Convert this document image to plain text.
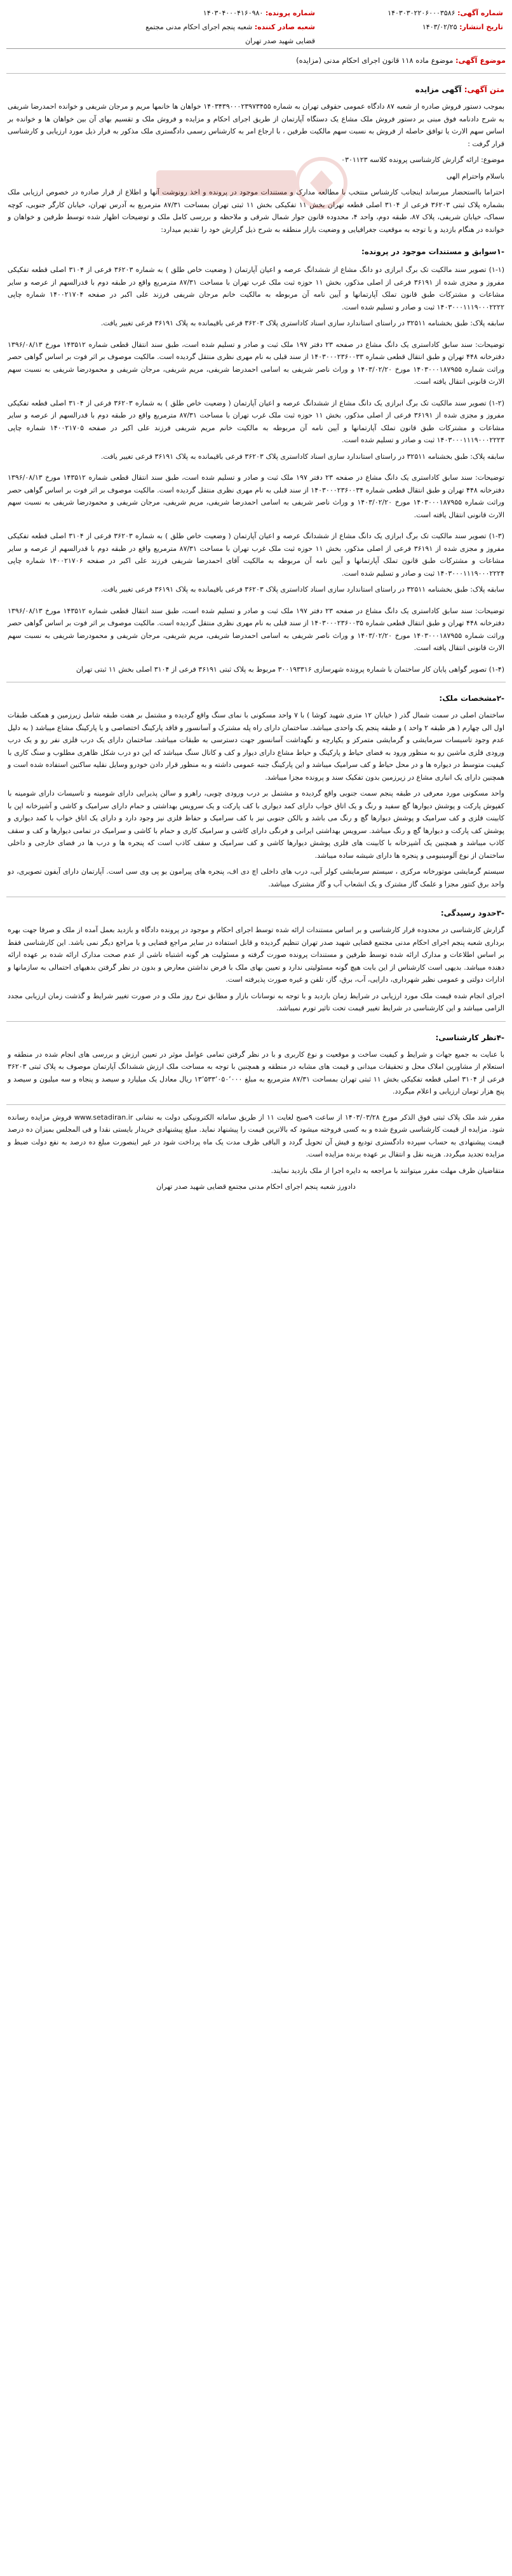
شماره آگهی: ۱۴۰۳۰۳۰۲۲۰۶۰۰۰۳۵۸۶
تاریخ انتشار: ۱۴۰۳/۰۲/۲۵
شماره پرونده: ۱۴۰۳۰۴۰۰۰۴۱۶۰۹۸۰
شعبه صادر کننده: شعبه پنجم اجرای احکام مدنی مجتمع قضایی شهید صدر تهران
موضوع آگهی: موضوع ماده ۱۱۸ قانون اجرای احکام مدنی (مزایده)
متن آگهی: آگهی مزایده
بموجب دستور فروش صادره از شعبه ۸۷ دادگاه عمومی حقوقی تهران به شماره ۱۴۰۳۴۳۹۰۰۰۲۳۹۷۳۴۵۵ خواهان ها خانمها مریم و مرجان شریفی و خوانده احمدرضا شریفی به شرح دادنامه فوق مبنی بر دستور فروش ملک مشاع یک دستگاه آپارتمان از طریق اجرای احکام و مزایده و فروش ملک و تقسیم بهای آن بین خواهان ها و خوانده بر اساس سهم الارث یا توافق حاصله از فروش به نسبت سهم مالکیت طرفین ، با ارجاع امر به کارشناس رسمی دادگستری ملک مذکور به قرار ذیل مورد ارزیابی و کارشناسی قرار گرفت :
موضوع: ارائه گزارش کارشناسی پرونده کلاسه ۰۳۰۱۱۲۳
باسلام واحترام الهی
احتراما بااستحضار میرساند اینجانب کارشناس منتخب با مطالعه مدارک و مستندات موجود در پرونده و اخذ رونوشت آنها و اطلاع از قرار صادره در خصوص ارزیابی ملک بشماره پلاک ثبتی ۳۶۲۰۳ فرعی از ۳۱۰۴ اصلی قطعه تهران بخش ۱۱ تفکیکی بخش ۱۱ ثبتی تهران بمساحت ۸۷/۳۱ مترمربع به آدرس تهران، خیابان کارگر جنوبی، کوچه سماک، خیابان شریفی، پلاک ۸۷، طبقه دوم، واحد ۴، محدوده قانون جوار شمال شرقی و ملاحظه و بررسی کامل ملک و توضیحات اظهار شده توسط طرفین و خواهان و خوانده در هنگام بازدید و با توجه به موقعیت جغرافیایی و وضعیت بازار منطقه به شرح ذیل گزارش خود را تقدیم میدارد:
-۱سوابق و مستندات موجود در پرونده:
(۱-۱) تصویر سند مالکیت تک برگ ابرازی دو دانگ مشاع از ششدانگ عرصه و اعیان آپارتمان ( وضعیت خاص طلق ) به شماره ۳۶۲۰۳ فرعی از ۳۱۰۴ اصلی قطعه تفکیکی مفروز و مجزی شده از ۳۶۱۹۱ فرعی از اصلی مذکور، بخش ۱۱ حوزه ثبت ملک غرب تهران با مساحت ۸۷/۳۱ مترمربع واقع در طبقه دوم با قدرالسهم از عرصه و سایر مشاعات و مشترکات طبق قانون تملک آپارتمانها و آیین نامه آن مربوطه به مالکیت خانم مرجان شریفی فرزند علی اکبر در صفحه ۱۴۰۰۲۱۷۰۴ شماره چاپی ۱۴۰۳۰۰۰۱۱۱۹۰۰۰۲۲۲۲ ثبت و صادر و تسلیم شده است.
سابقه پلاک: طبق بخشنامه ۳۲۵۱۱ در راستای استاندارد سازی اسناد کاداستری پلاک ۳۶۲۰۳ فرعی باقیمانده به پلاک ۳۶۱۹۱ فرعی تغییر یافت.
توضیحات: سند سابق کاداستری یک دانگ مشاع در صفحه ۲۳ دفتر ۱۹۷ ملک ثبت و صادر و تسلیم شده است، طبق سند انتقال قطعی شماره ۱۴۳۵۱۲ مورخ ۱۳۹۶/۰۸/۱۳ دفترخانه ۴۴۸ تهران و طبق انتقال قطعی شماره ۱۴۰۳۰۰۰۲۳۶۰۰۳۳ از سند قبلی به نام مهری نظری منتقل گردیده است. مالکیت موصوف بر اثر فوت بر اساس گواهی حصر وراثت شماره ۱۴۰۳۰۰۰۱۸۷۹۵۵ مورخ ۱۴۰۳/۰۲/۲۰ و وراث ناصر شریفی به اسامی احمدرضا شریفی، مریم شریفی، مرجان شریفی و محمودرضا شریفی به نسبت سهم الارث قانونی انتقال یافته است.
(۱-۲) تصویر سند مالکیت تک برگ ابرازی یک دانگ مشاع از ششدانگ عرصه و اعیان آپارتمان ( وضعیت خاص طلق ) به شماره ۳۶۲۰۳ فرعی از ۳۱۰۴ اصلی قطعه تفکیکی مفروز و مجزی شده از ۳۶۱۹۱ فرعی از اصلی مذکور، بخش ۱۱ حوزه ثبت ملک غرب تهران با مساحت ۸۷/۳۱ مترمربع واقع در طبقه دوم با قدرالسهم از عرصه و سایر مشاعات و مشترکات طبق قانون تملک آپارتمانها و آیین نامه آن مربوطه به مالکیت خانم مریم شریفی فرزند علی اکبر در صفحه ۱۴۰۰۲۱۷۰۵ شماره چاپی ۱۴۰۳۰۰۰۱۱۱۹۰۰۰۲۲۲۳ ثبت و صادر و تسلیم شده است.
سابقه پلاک: طبق بخشنامه ۳۲۵۱۱ در راستای استاندارد سازی اسناد کاداستری پلاک ۳۶۲۰۳ فرعی باقیمانده به پلاک ۳۶۱۹۱ فرعی تغییر یافت.
توضیحات: سند سابق کاداستری یک دانگ مشاع در صفحه ۲۳ دفتر ۱۹۷ ملک ثبت و صادر و تسلیم شده است، طبق سند انتقال قطعی شماره ۱۴۳۵۱۲ مورخ ۱۳۹۶/۰۸/۱۳ دفترخانه ۴۴۸ تهران و طبق انتقال قطعی شماره ۱۴۰۳۰۰۰۲۳۶۰۰۳۴ از سند قبلی به نام مهری نظری منتقل گردیده است. مالکیت موصوف بر اثر فوت بر اساس گواهی حصر وراثت شماره ۱۴۰۳۰۰۰۱۸۷۹۵۵ مورخ ۱۴۰۳/۰۲/۲۰ و وراث ناصر شریفی به اسامی احمدرضا شریفی، مریم شریفی، مرجان شریفی و محمودرضا شریفی به نسبت سهم الارث قانونی انتقال یافته است.
(۱-۳) تصویر سند مالکیت تک برگ ابرازی یک دانگ مشاع از ششدانگ عرصه و اعیان آپارتمان ( وضعیت خاص طلق ) به شماره ۳۶۲۰۳ فرعی از ۳۱۰۴ اصلی قطعه تفکیکی مفروز و مجزی شده از ۳۶۱۹۱ فرعی از اصلی مذکور، بخش ۱۱ حوزه ثبت ملک غرب تهران با مساحت ۸۷/۳۱ مترمربع واقع در طبقه دوم با قدرالسهم از عرصه و سایر مشاعات و مشترکات طبق قانون تملک آپارتمانها و آیین نامه آن مربوطه به مالکیت آقای احمدرضا شریفی فرزند علی اکبر در صفحه ۱۴۰۰۲۱۷۰۶ شماره چاپی ۱۴۰۳۰۰۰۱۱۱۹۰۰۰۲۲۲۴ ثبت و صادر و تسلیم شده است.
سابقه پلاک: طبق بخشنامه ۳۲۵۱۱ در راستای استاندارد سازی اسناد کاداستری پلاک ۳۶۲۰۳ فرعی باقیمانده به پلاک ۳۶۱۹۱ فرعی تغییر یافت.
توضیحات: سند سابق کاداستری یک دانگ مشاع در صفحه ۲۳ دفتر ۱۹۷ ملک ثبت و صادر و تسلیم شده است، طبق سند انتقال قطعی شماره ۱۴۳۵۱۲ مورخ ۱۳۹۶/۰۸/۱۳ دفترخانه ۴۴۸ تهران و طبق انتقال قطعی شماره ۱۴۰۳۰۰۰۲۳۶۰۰۳۵ از سند قبلی به نام مهری نظری منتقل گردیده است. مالکیت موصوف بر اثر فوت بر اساس گواهی حصر وراثت شماره ۱۴۰۳۰۰۰۱۸۷۹۵۵ مورخ ۱۴۰۳/۰۲/۲۰ و وراث ناصر شریفی به اسامی احمدرضا شریفی، مریم شریفی، مرجان شریفی و محمودرضا شریفی به نسبت سهم الارث قانونی انتقال یافته است.
(۱-۴) تصویر گواهی پایان کار ساختمان با شماره پرونده شهرسازی ۳۰۰۱۹۳۳۱۶ مربوط به پلاک ثبتی ۳۶۱۹۱ فرعی از ۳۱۰۴ اصلی بخش ۱۱ ثبتی تهران
-۲مشخصات ملک:
ساختمان اصلی در سمت شمال گذر ( خیابان ۱۲ متری شهید کوشا ) با ۷ واحد مسکونی با نمای سنگ واقع گردیده و مشتمل بر هفت طبقه شامل زیرزمین و همکف طبقات اول الی چهارم ( هر طبقه ۲ واحد ) و طبقه پنجم یک واحدی میباشد. ساختمان دارای راه پله مشترک و آسانسور و فاقد پارکینگ اختصاصی و یا پارکینگ مشاع میباشد ( به دلیل عدم وجود تاسیسات سرمایشی و گرمایشی متمرکز و یکپارچه و نگهداشت آسانسور جهت دسترسی به طبقات میباشد. ساختمان دارای یک درب فلزی نفر رو و یک درب ورودی فلزی ماشین رو به منظور ورود به فضای حیاط و پارکینگ و حیاط مشاع دارای دیوار و کف و کانال سنگ میباشد که این دو درب شکل ظاهری مطلوب و سنگ کاری با کیفیت متوسط در دیواره ها و در محل حیاط و کف سرامیک میباشد و این پارکینگ جنبه عمومی داشته و به منظور قرار دادن خودرو وسایل نقلیه ساکنین استفاده شده است و همچنین دارای یک انباری مشاع در زیرزمین بدون تفکیک سند و پرونده مجزا میباشد.
واحد مسکونی مورد معرفی در طبقه پنجم سمت جنوبی واقع گردیده و مشتمل بر درب ورودی چوبی، راهرو و سالن پذیرایی دارای شومینه و تاسیسات دارای شومینه با کفپوش پارکت و پوشش دیوارها گچ سفید و رنگ و یک اتاق خواب دارای کمد دیواری با کف پارکت و یک سرویس بهداشتی و حمام دارای سرامیک و کاشی و آشپزخانه اپن با کابینت فلزی و کف سرامیک و پوشش دیوارها گچ و رنگ می باشد و بالکن جنوبی نیز با کف سرامیک و حفاظ فلزی نیز وجود دارد و دارای یک اتاق خواب با کمد دیواری و پوشش کف پارکت و دیوارها گچ و رنگ میباشد. سرویس بهداشتی ایرانی و فرنگی دارای کاشی و سرامیک کاری و حمام با کاشی و سرامیک در تمامی دیوارها و کف و سقف کاذب میباشد و همچنین یک آشپزخانه با کابینت های فلزی پوشش دیوارها کاشی و کف سرامیک و سقف کاذب است که پنجره ها و درب ها در فضای خارجی و داخلی ساختمان از نوع آلومینیومی و پنجره ها دارای شیشه ساده میباشد.
سیستم گرمایشی موتورخانه مرکزی ، سیستم سرمایشی کولر آبی، درب های داخلی اچ دی اف، پنجره های پیرامون یو پی وی سی است. آپارتمان دارای آیفون تصویری، دو واحد برق کنتور مجزا و علمک گاز مشترک و یک انشعاب آب و گاز مشترک میباشد.
-۳حدود رسیدگی:
گزارش کارشناسی در محدوده قرار کارشناسی و بر اساس مستندات ارائه شده توسط اجرای احکام و موجود در پرونده دادگاه و بازدید بعمل آمده از ملک و صرفا جهت بهره برداری شعبه پنجم اجرای احکام مدنی مجتمع قضایی شهید صدر تهران تنظیم گردیده و قابل استفاده در سایر مراجع قضایی و یا مراجع دیگر نمی باشد. این کارشناسی فقط بر اساس اطلاعات و مدارک ارائه شده توسط طرفین و مستندات پرونده صورت گرفته و مسئولیت هر گونه اشتباه ناشی از عدم صحت مدارک ارائه شده بر عهده ارائه دهنده میباشد. بدیهی است کارشناس از این بابت هیچ گونه مسئولیتی ندارد و تعیین بهای ملک با فرض نداشتن معارض و بدون در نظر گرفتن بدهیهای احتمالی به سازمانها و ادارات دولتی و عمومی نظیر شهرداری، دارایی، آب، برق، گاز، تلفن و غیره صورت پذیرفته است.
اجرای انجام شده قیمت ملک مورد ارزیابی در شرایط زمان بازدید و با توجه به نوسانات بازار و مطابق نرخ روز ملک و در صورت تغییر شرایط و گذشت زمان ارزیابی مجدد الزامی میباشد و این کارشناسی در شرایط تغییر قیمت تحت تاثیر تورم نمیباشد.
-۴نظر کارشناسی:
با عنایت به جميع جهات و شرایط و کیفیت ساخت و موقعیت و نوع کاربری و با در نظر گرفتن تمامی عوامل موثر در تعیین ارزش و بررسی های انجام شده در منطقه و استعلام از مشاورین املاک محل و تحقیقات میدانی و قیمت های مشابه در منطقه و همچنین با توجه به مساحت ملک ارزش ششدانگ آپارتمان موصوف به پلاک ثبتی ۳۶۲۰۳ فرعی از ۳۱۰۴ اصلی قطعه تفکیکی بخش ۱۱ ثبتی تهران بمساحت ۸۷/۳۱ مترمربع به مبلغ ۱۳٬۵۳۳٬۰۵۰٬۰۰۰ ریال معادل یک میلیارد و سیصد و پنجاه و سه میلیون و سیصد و پنج هزار تومان ارزیابی و اعلام میگردد.
مقرر شد ملک پلاک ثبتی فوق الذکر مورخ ۱۴۰۳/۰۳/۲۸ از ساعت ۹صبح لغایت ۱۱ از طریق سامانه الکترونیکی دولت به نشانی www.setadiran.ir فروش مزایده رسانده شود. مزایده از قیمت کارشناسی شروع شده و به کسی فروخته میشود که بالاترین قیمت را پیشنهاد نماید. مبلغ پیشنهادی خریدار بایستی نقدا و فی المجلس بمیزان ده درصد قیمت پیشنهادی به حساب سپرده دادگستری تودیع و فیش آن تحویل گردد و الباقی ظرف مدت یک ماه پرداخت شود در غیر اینصورت مبلغ ده درصد به نفع دولت ضبط و مزایده تجدید میگردد. هزینه نقل و انتقال بر عهده برنده مزایده است.
متقاضیان ظرف مهلت مقرر میتوانند با مراجعه به دایره اجرا از ملک بازدید نمایند.
دادورز شعبه پنجم اجرای احکام مدنی مجتمع قضایی شهید صدر تهران
